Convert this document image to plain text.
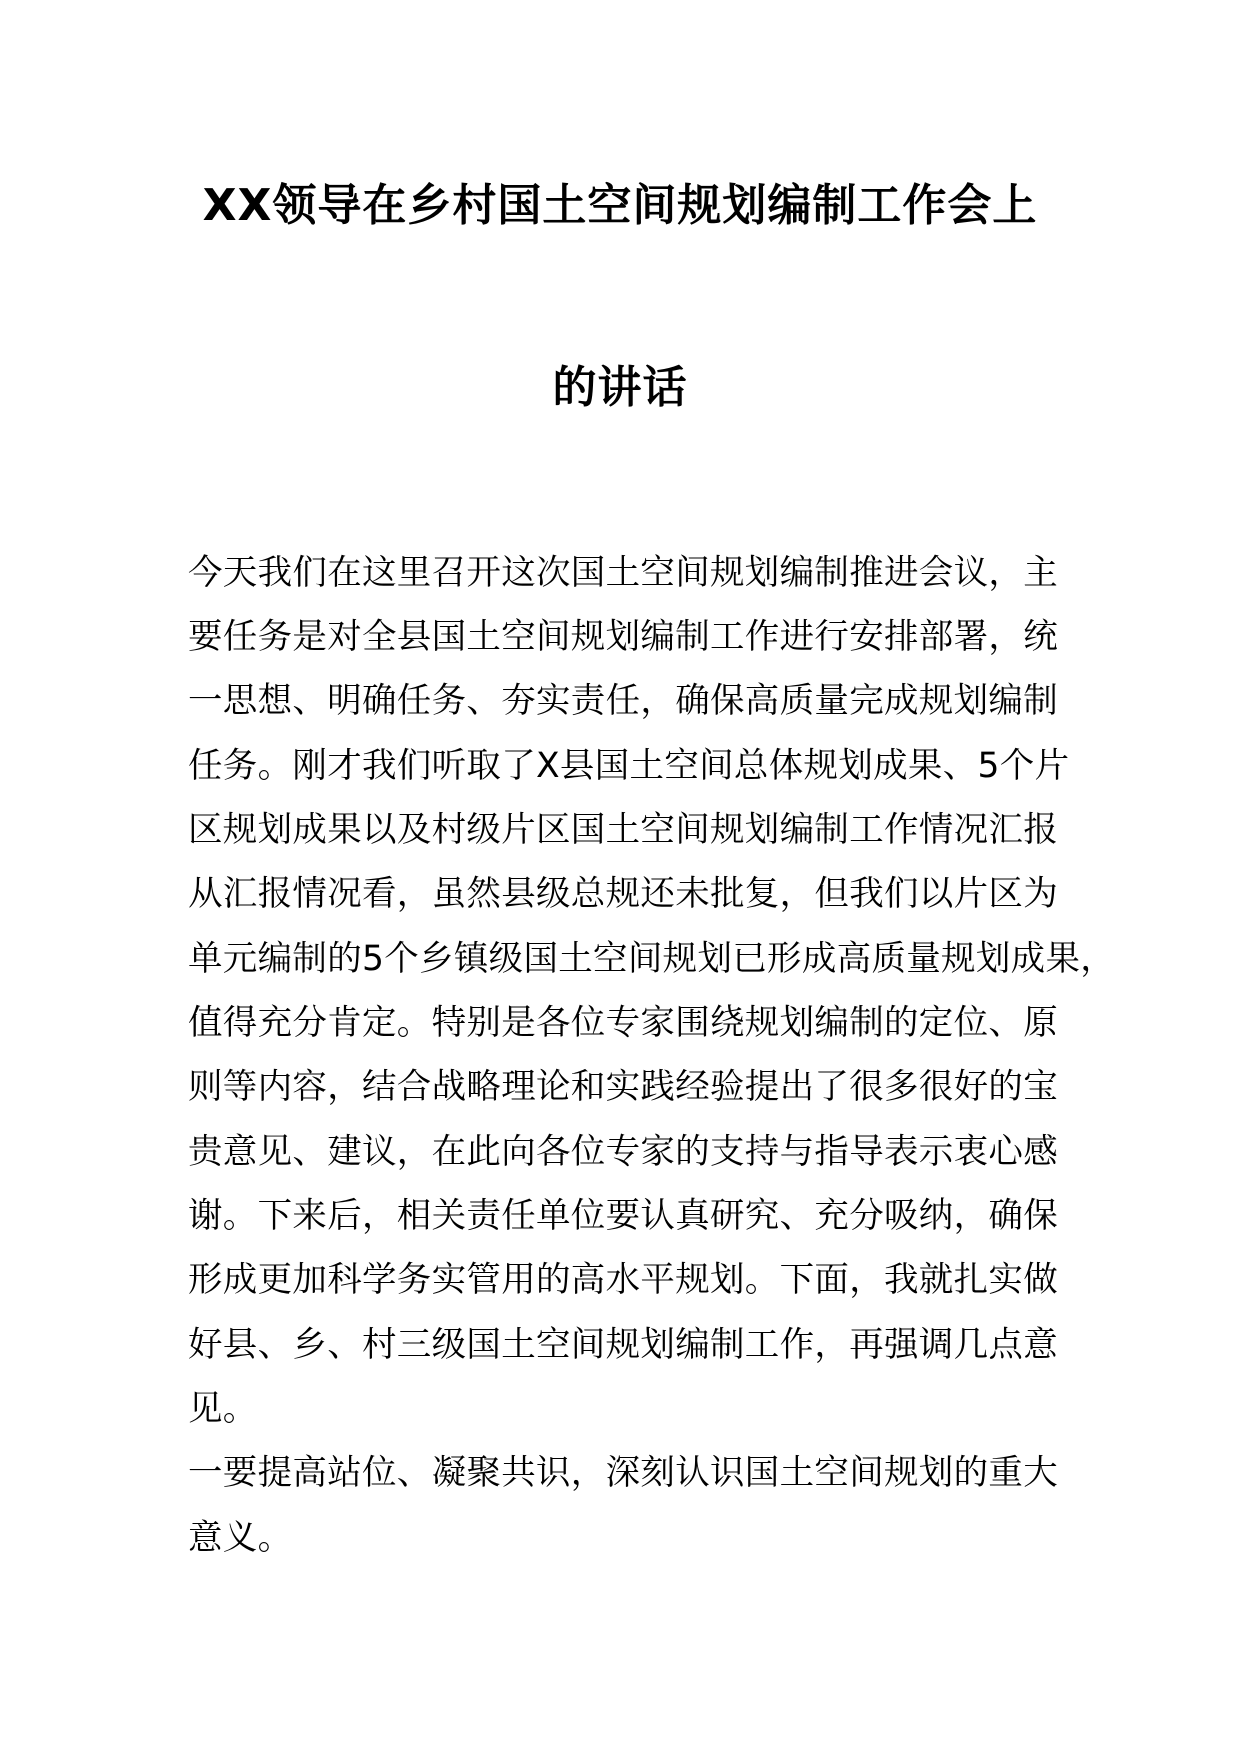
XX领导在乡村国土空间规划编制工作会上
的讲话
今天我们在这里召开这次国土空间规划编制推进会议，主
要任务是对全县国土空间规划编制工作进行安排部署，统
一思想、明确任务、夯实责任，确保高质量完成规划编制
任务。刚才我们听取了X县国土空间总体规划成果、5个片
区规划成果以及村级片区国土空间规划编制工作情况汇报
从汇报情况看，虽然县级总规还未批复，但我们以片区为
单元编制的5个乡镇级国土空间规划已形成高质量规划成果，
值得充分肯定。特别是各位专家围绕规划编制的定位、原
则等内容，结合战略理论和实践经验提出了很多很好的宝
贵意见、建议，在此向各位专家的支持与指导表示衷心感
谢。下来后，相关责任单位要认真研究、充分吸纳，确保
形成更加科学务实管用的高水平规划。下面，我就扎实做
好县、乡、村三级国土空间规划编制工作，再强调几点意
见。
一要提高站位、凝聚共识，深刻认识国土空间规划的重大
意义。
